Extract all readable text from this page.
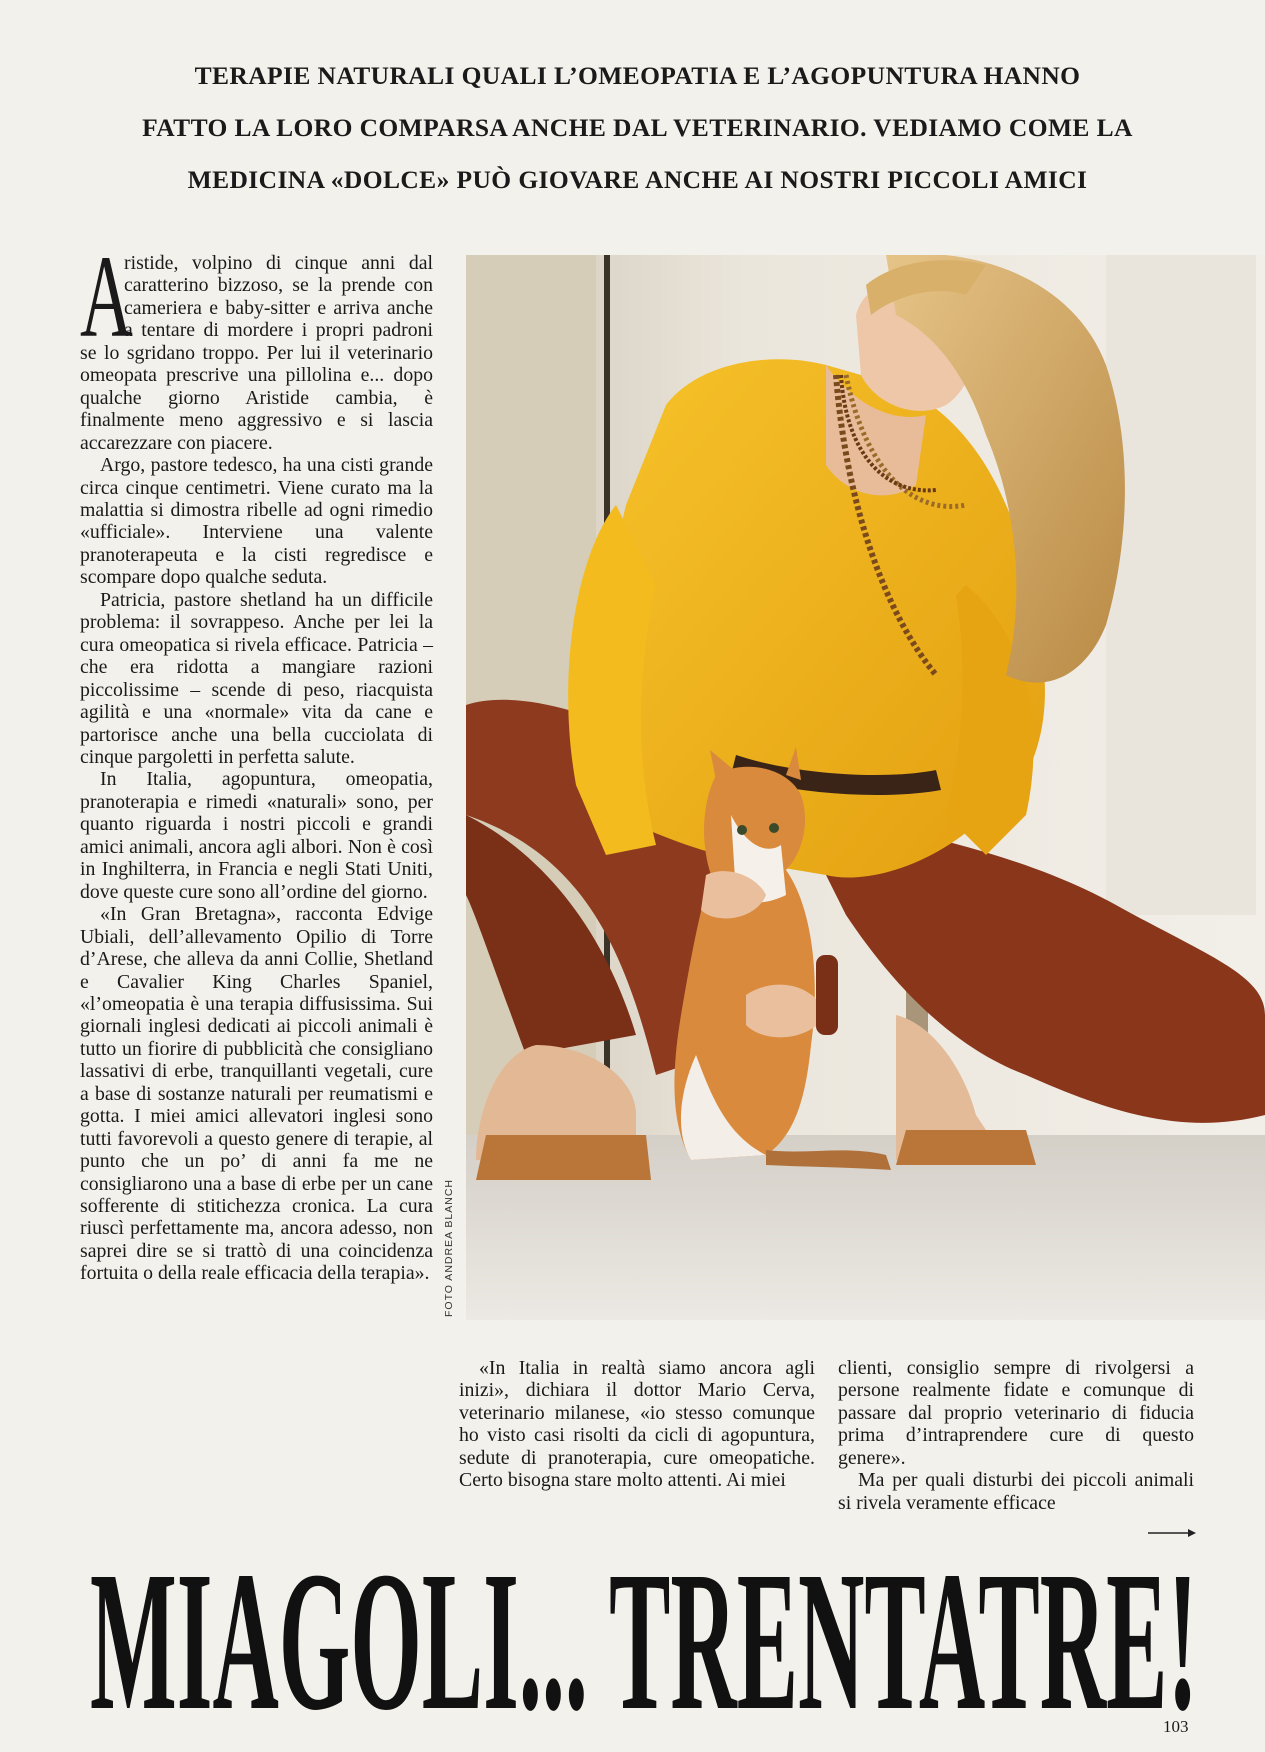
TERAPIE NATURALI QUALI L’OMEOPATIA E L’AGOPUNTURA HANNO
FATTO LA LORO COMPARSA ANCHE DAL VETERINARIO. VEDIAMO COME LA
MEDICINA «DOLCE» PUÒ GIOVARE ANCHE AI NOSTRI PICCOLI AMICI

A
ristide, volpino di cinque anni dal caratterino bizzoso, se la prende con cameriera e baby-sitter e arriva anche a tentare di mordere i propri padroni se lo sgridano troppo. Per lui il veterinario omeopata prescrive una pillolina e... dopo qualche giorno Aristide cambia, è finalmente meno aggressivo e si lascia accarezzare con piacere.

Argo, pastore tedesco, ha una cisti grande circa cinque centimetri. Viene curato ma la malattia si dimostra ribelle ad ogni rimedio «ufficiale». Interviene una valente pranoterapeuta e la cisti regredisce e scompare dopo qualche seduta.

Patricia, pastore shetland ha un difficile problema: il sovrappeso. Anche per lei la cura omeopatica si rivela efficace. Patricia – che era ridotta a mangiare razioni piccolissime – scende di peso, riacquista agilità e una «normale» vita da cane e partorisce anche una bella cucciolata di cinque pargoletti in perfetta salute.

In Italia, agopuntura, omeopatia, pranoterapia e rimedi «naturali» sono, per quanto riguarda i nostri piccoli e grandi amici animali, ancora agli albori. Non è così in Inghilterra, in Francia e negli Stati Uniti, dove queste cure sono all’ordine del giorno.

«In Gran Bretagna», racconta Edvige Ubiali, dell’allevamento Opilio di Torre d’Arese, che alleva da anni Collie, Shetland e Cavalier King Charles Spaniel, «l’omeopatia è una terapia diffusissima. Sui giornali inglesi dedicati ai piccoli animali è tutto un fiorire di pubblicità che consigliano lassativi di erbe, tranquillanti vegetali, cure a base di sostanze naturali per reumatismi e gotta. I miei amici allevatori inglesi sono tutti favorevoli a questo genere di terapie, al punto che un po’ di anni fa me ne consigliarono una a base di erbe per un cane sofferente di stitichezza cronica. La cura riuscì perfettamente ma, ancora adesso, non saprei dire se si trattò di una coincidenza fortuita o della reale efficacia della terapia».	FOTO ANDREA BLANCH

«In Italia in realtà siamo ancora agli inizi», dichiara il dottor Mario Cerva, veterinario milanese, «io stesso comunque ho visto casi risolti da cicli di agopuntura, sedute di pranoterapia, cure omeopatiche. Certo bisogna stare molto attenti. Ai miei

clienti, consiglio sempre di rivolgersi a persone realmente fidate e comunque di passare dal proprio veterinario di fiducia prima d’intraprendere cure di questo genere».

Ma per quali disturbi dei piccoli animali si rivela veramente efficace

MIAGOLI... TRENTATRE!
103
